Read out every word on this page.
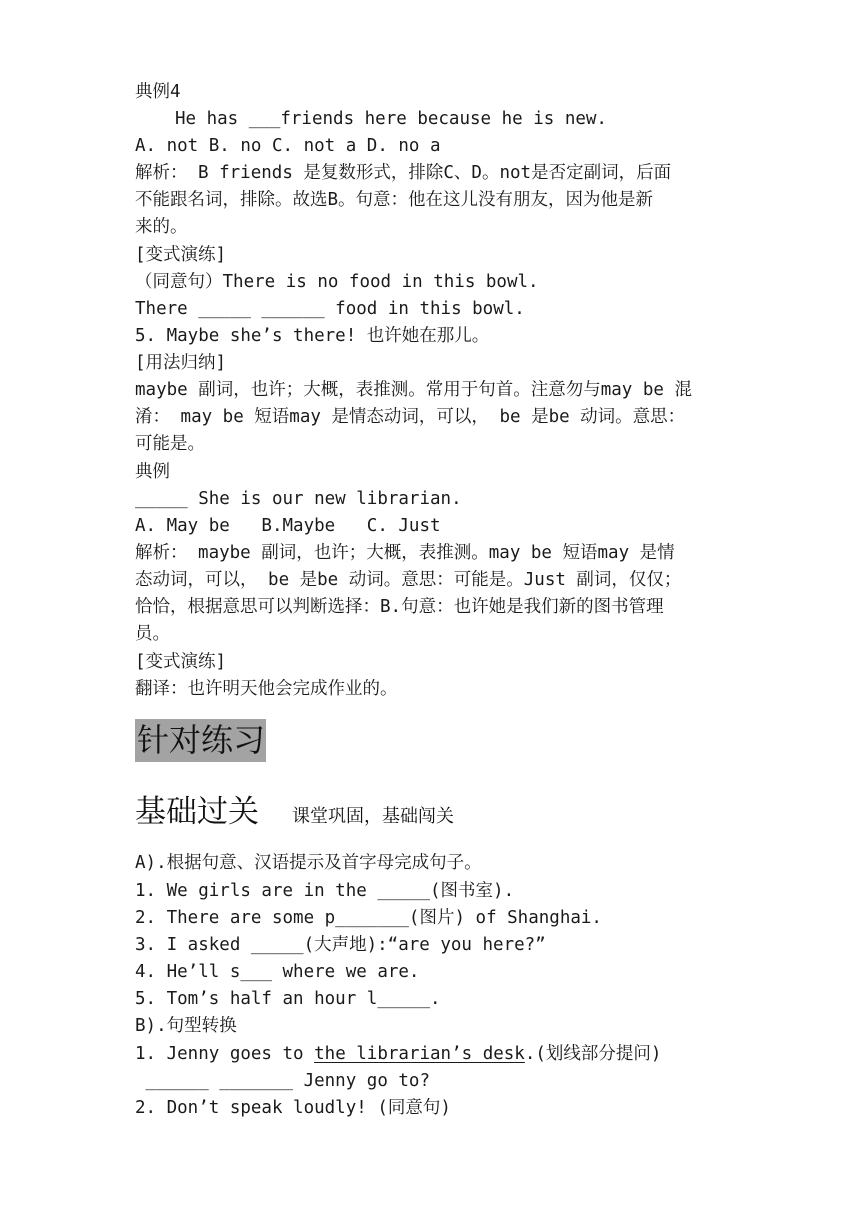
典例4
He has ___friends here because he is new.
A. not B. no C. not a D. no a
解析： B friends 是复数形式，排除C、D。not是否定副词，后面
不能跟名词，排除。故选B。句意：他在这儿没有朋友，因为他是新
来的。
[变式演练]
（同意句）There is no food in this bowl.
There _____ ______ food in this bowl.
5. Maybe she’s there! 也许她在那儿。
[用法归纳]
maybe 副词，也许；大概，表推测。常用于句首。注意勿与may be 混
淆： may be 短语may 是情态动词，可以， be 是be 动词。意思：
可能是。
典例
_____ She is our new librarian.
A. May be   B.Maybe   C. Just
解析： maybe 副词，也许；大概，表推测。may be 短语may 是情
态动词，可以， be 是be 动词。意思：可能是。Just 副词，仅仅；
恰恰，根据意思可以判断选择：B.句意：也许她是我们新的图书管理
员。
[变式演练]
翻译：也许明天他会完成作业的。
针对练习
基础过关 课堂巩固，基础闯关
A).根据句意、汉语提示及首字母完成句子。
1. We girls are in the _____(图书室).
2. There are some p_______(图片) of Shanghai.
3. I asked _____(大声地):“are you here?”
4. He’ll s___ where we are.
5. Tom’s half an hour l_____.
B).句型转换
1. Jenny goes to the librarian’s desk.(划线部分提问)
______ _______ Jenny go to?
2. Don’t speak loudly! (同意句)
